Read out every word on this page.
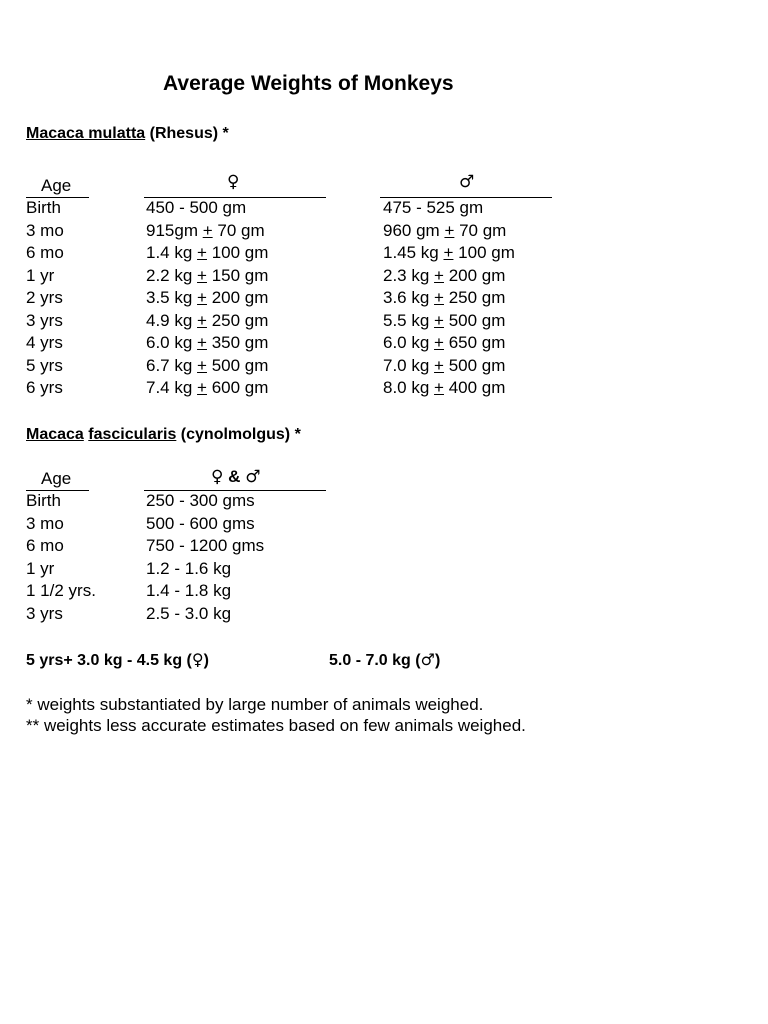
Average Weights of Monkeys
Macaca mulatta (Rhesus) *
Age	♀	♂
Birth	450 - 500 gm	475 - 525 gm
3 mo	915gm + 70 gm	960 gm + 70 gm
6 mo	1.4 kg + 100 gm	1.45 kg + 100 gm
1 yr	2.2 kg + 150 gm	2.3 kg + 200 gm
2 yrs	3.5 kg + 200 gm	3.6 kg + 250 gm
3 yrs	4.9 kg + 250 gm	5.5 kg + 500 gm
4 yrs	6.0 kg + 350 gm	6.0 kg + 650 gm
5 yrs	6.7 kg + 500 gm	7.0 kg + 500 gm
6 yrs	7.4 kg + 600 gm	8.0 kg + 400 gm
Macaca fascicularis (cynolmolgus) *
Age	♀ & ♂
Birth	250 - 300 gms
3 mo	500 - 600 gms
6 mo	750 - 1200 gms
1 yr	1.2 - 1.6 kg
1 1/2 yrs.	1.4 - 1.8 kg
3 yrs	2.5 - 3.0 kg
5 yrs+ 3.0 kg - 4.5 kg (♀)	5.0 - 7.0 kg (♂)
* weights substantiated by large number of animals weighed.
** weights less accurate estimates based on few animals weighed.
